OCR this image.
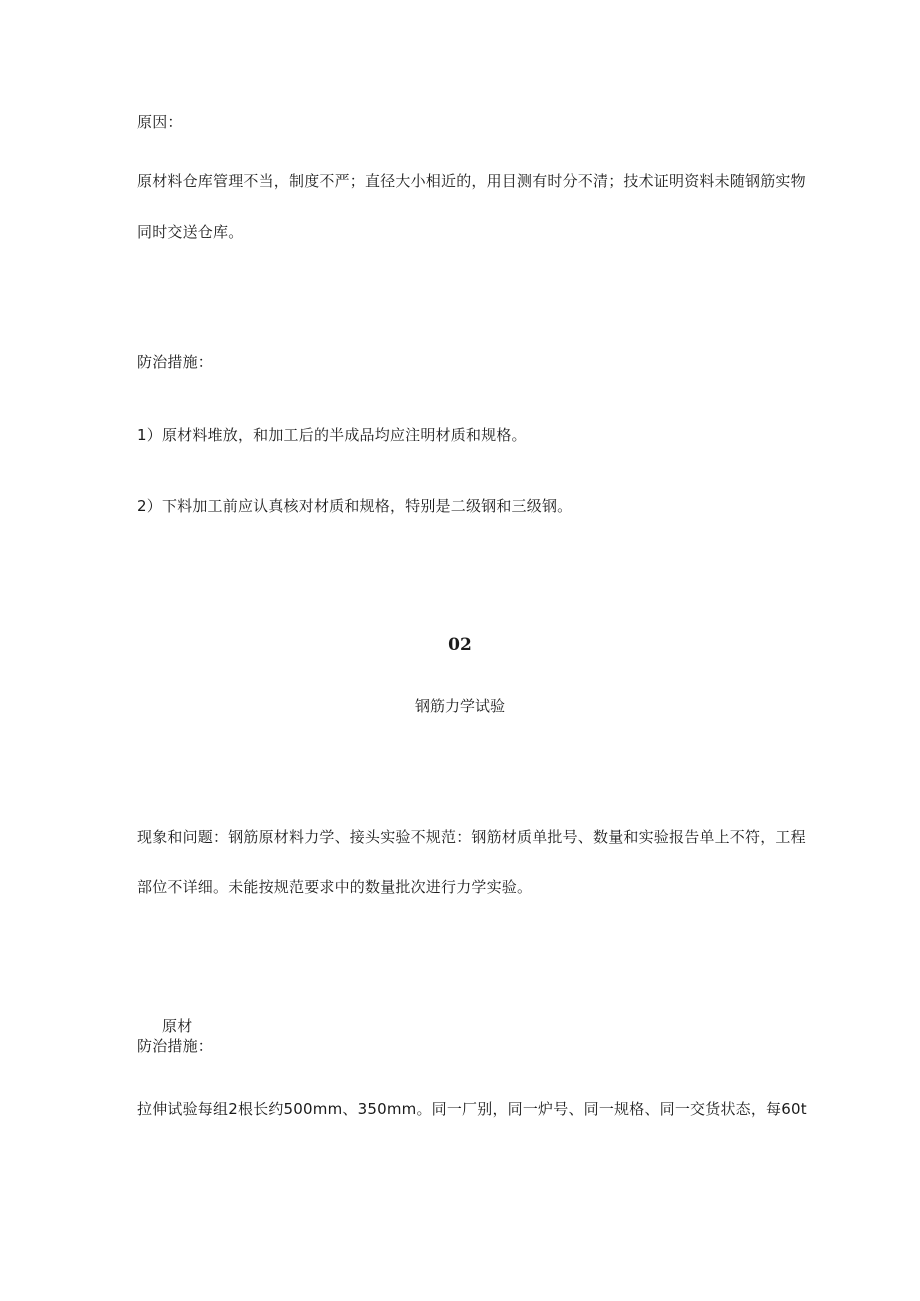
原因：
原材料仓库管理不当，制度不严；直径大小相近的，用目测有时分不清；技术证明资料未随钢筋实物
同时交送仓库。
防治措施：
1）原材料堆放，和加工后的半成品均应注明材质和规格。
2）下料加工前应认真核对材质和规格，特别是二级钢和三级钢。
02
钢筋力学试验
现象和问题：钢筋原材料力学、接头实验不规范：钢筋材质单批号、数量和实验报告单上不符，工程
部位不详细。未能按规范要求中的数量批次进行力学实验。
原材
防治措施：
拉伸试验每组2根长约500mm、350mm。同一厂别，同一炉号、同一规格、同一交货状态，每60t
